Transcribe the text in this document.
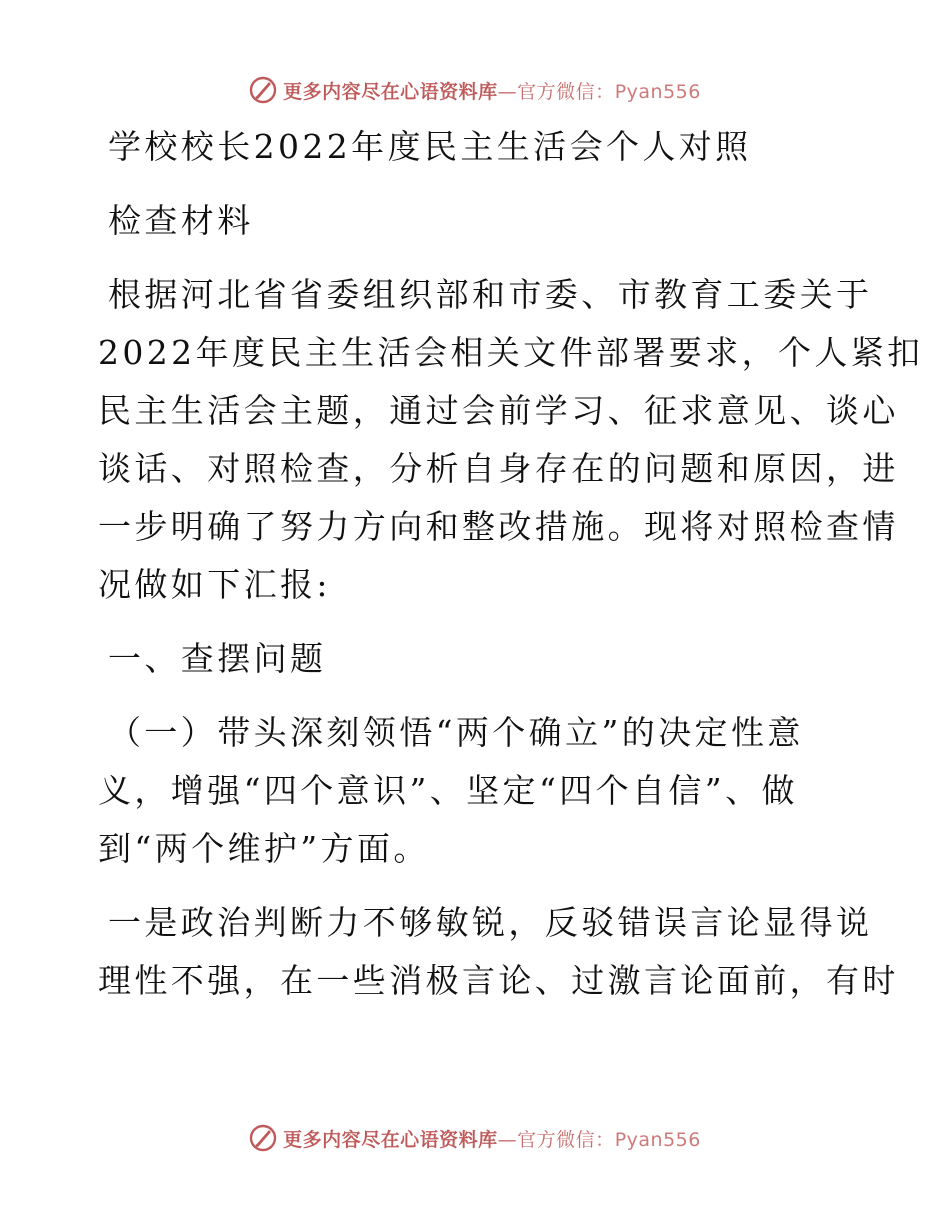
更多内容尽在心语资料库—官方微信：Pyan556
学校校长2022年度民主生活会个人对照
检查材料
根据河北省省委组织部和市委、市教育工委关于
2022年度民主生活会相关文件部署要求，个人紧扣
民主生活会主题，通过会前学习、征求意见、谈心
谈话、对照检查，分析自身存在的问题和原因，进
一步明确了努力方向和整改措施。现将对照检查情
况做如下汇报:
一、查摆问题
（一）带头深刻领悟“两个确立”的决定性意
义，增强“四个意识”、坚定“四个自信”、做
到“两个维护”方面。
一是政治判断力不够敏锐，反驳错误言论显得说
理性不强，在一些消极言论、过激言论面前，有时
更多内容尽在心语资料库—官方微信：Pyan556
